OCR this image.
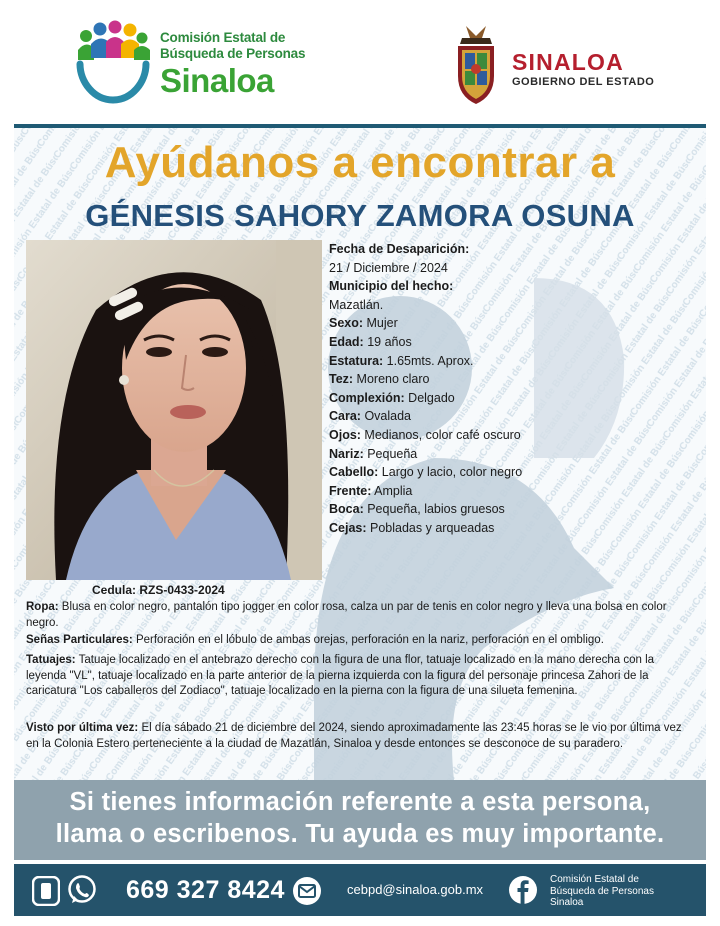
Comisión Estatal de
Búsqueda de Personas
Sinaloa	SINALOA
GOBIERNO DEL ESTADO
Ayúdanos a encontrar a
GÉNESIS SAHORY ZAMORA OSUNA
Fecha de Desaparición:
21 / Diciembre / 2024
Municipio del hecho:
Mazatlán.
Sexo: Mujer
Edad: 19 años
Estatura: 1.65mts. Aprox.
Tez: Moreno claro
Complexión: Delgado
Cara: Ovalada
Ojos: Medianos, color café oscuro
Nariz: Pequeña
Cabello: Largo y lacio, color negro
Frente: Amplia
Boca: Pequeña, labios gruesos
Cejas: Pobladas y arqueadas
Cedula: RZS-0433-2024
Ropa: Blusa en color negro, pantalón tipo jogger en color rosa, calza un par de tenis en color negro y lleva una bolsa en color negro.
Señas Particulares: Perforación en el lóbulo de ambas orejas, perforación en la nariz, perforación en el ombligo.
Tatuajes: Tatuaje localizado en el antebrazo derecho con la figura de una flor, tatuaje localizado en la mano derecha con la leyenda "VL", tatuaje localizado en la parte anterior de la pierna izquierda con la figura del personaje princesa Zahori de la caricatura "Los caballeros del Zodiaco", tatuaje localizado en la pierna con la figura de una silueta femenina.
Visto por última vez: El día sábado 21 de diciembre del 2024, siendo aproximadamente las 23:45 horas se le vio por última vez en la Colonia Estero perteneciente a la ciudad de Mazatlán, Sinaloa y desde entonces se desconoce de su paradero.
Si tienes información referente a esta persona,
llama o escribenos. Tu ayuda es muy importante.
669 327 8424	cebpd@sinaloa.gob.mx
Comisión Estatal de
Búsqueda de Personas
Sinaloa
